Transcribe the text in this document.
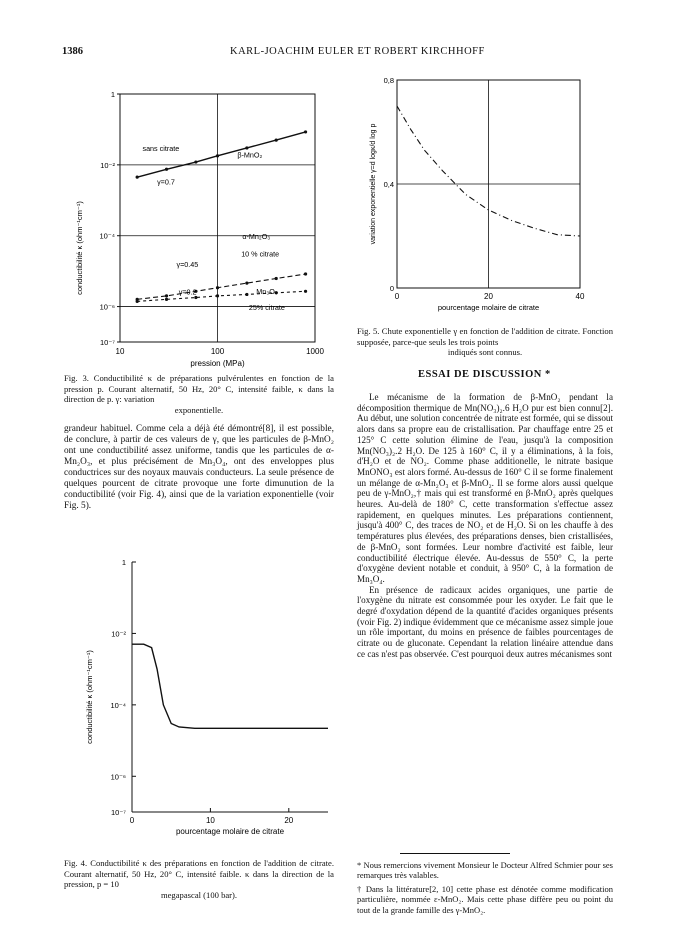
1386	KARL-JOACHIM EULER ET ROBERT KIRCHHOFF
1
10⁻²
10⁻⁴
10⁻⁶
10⁻⁷
10	100	1000
pression (MPa)
conductibilité κ (ohm⁻¹cm⁻¹)
sans citrate
β-MnO₂
γ=0.7
α-Mn₂O₃
10 % citrate
γ=0.45
γ=0.2	Mn₃O₄
25% citrate
Fig. 3. Conductibilité κ de préparations pulvérulentes en fonction de la pression p. Courant alternatif, 50 Hz, 20° C, intensité faible, κ dans la direction de p. γ: variation
exponentielle.

grandeur habituel. Comme cela a déjà été démontré[8], il est possible, de conclure, à partir de ces valeurs de γ, que les particules de β-MnO₂ ont une conductibilité assez uniforme, tandis que les particules de α-Mn₂O₃, et plus précisément de Mn₃O₄, ont des enveloppes plus conductrices sur des noyaux mauvais conducteurs. La seule présence de quelques pourcent de citrate provoque une forte dimunution de la conductibilité (voir Fig. 4), ainsi que de la variation exponentielle (voir Fig. 5).

1
10⁻²
10⁻⁴
10⁻⁶
10⁻⁷
0	10	20
pourcentage molaire de citrate
conductibilité κ (ohm⁻¹cm⁻¹)
Fig. 4. Conductibilité κ des préparations en fonction de l'addition de citrate. Courant alternatif, 50 Hz, 20° C, intensité faible. κ dans la direction de la pression, p = 10
megapascal (100 bar).
0
0,4
0,8
0	20	40
pourcentage molaire de citrate
variation exponentielle γ=d logκ/d log p
Fig. 5. Chute exponentielle γ en fonction de l'addition de citrate. Fonction supposée, parce-que seuls les trois points
indiqués sont connus.
ESSAI DE DISCUSSION *

Le mécanisme de la formation de β-MnO₂ pendant la décomposition thermique de Mn(NO₃)₂.6 H₂O pur est bien connu[2]. Au début, une solution concentrée de nitrate est formée, qui se dissout alors dans sa propre eau de cristallisation. Par chauffage entre 25 et 125° C cette solution élimine de l'eau, jusqu'à la composition Mn(NO₃)₂.2 H₂O. De 125 à 160° C, il y a éliminations, à la fois, d'H₂O et de NO₂. Comme phase additionelle, le nitrate basique MnONO₃ est alors formé. Au-dessus de 160° C il se forme finalement un mélange de α-Mn₂O₃ et β-MnO₂. Il se forme alors aussi quelque peu de γ-MnO₂,† mais qui est transformé en β-MnO₂ après quelques heures. Au-delà de 180° C, cette transformation s'effectue assez rapidement, en quelques minutes. Les préparations contiennent, jusqu'à 400° C, des traces de NO₂ et de H₂O. Si on les chauffe à des températures plus élevées, des préparations denses, bien cristallisées, de β-MnO₂ sont formées. Leur nombre d'activité est faible, leur conductibilité électrique élevée. Au-dessus de 550° C, la perte d'oxygène devient notable et conduit, à 950° C, à la formation de Mn₃O₄.

En présence de radicaux acides organiques, une partie de l'oxygène du nitrate est consommée pour les oxyder. Le fait que le degré d'oxydation dépend de la quantité d'acides organiques présents (voir Fig. 2) indique évidemment que ce mécanisme assez simple joue un rôle important, du moins en présence de faibles pourcentages de citrate ou de gluconate. Cependant la relation linéaire attendue dans ce cas n'est pas observée. C'est pourquoi deux autres mécanismes sont

* Nous remercions vivement Monsieur le Docteur Alfred Schmier pour ses remarques très valables.

† Dans la littérature[2, 10] cette phase est dénotée comme modification particulière, nommée ε-MnO₂. Mais cette phase diffère peu ou point du tout de la grande famille des γ-MnO₂.
